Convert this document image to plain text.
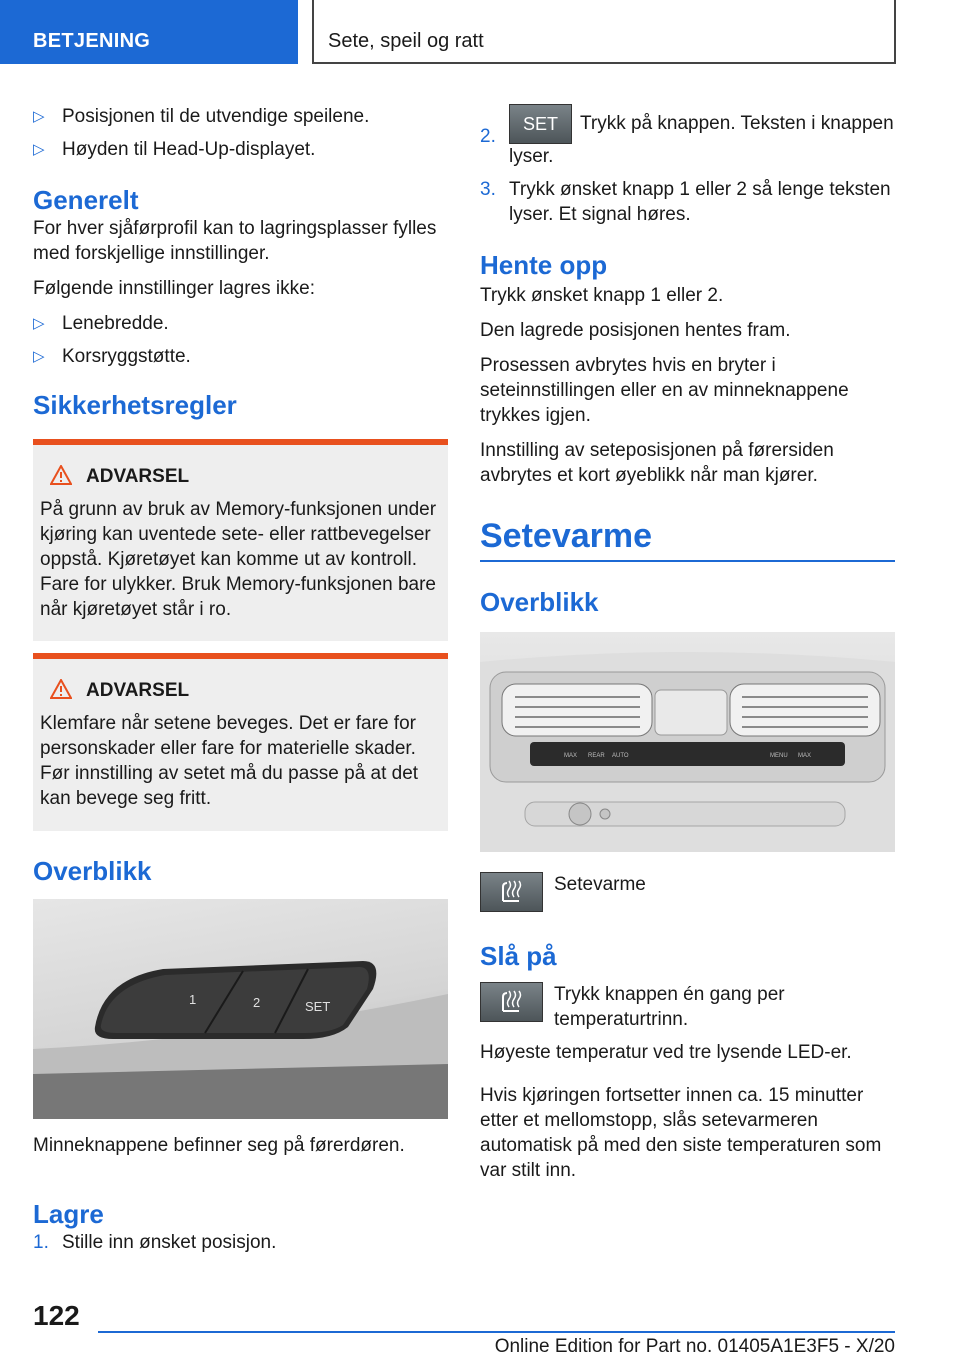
BETJENING	Sete, speil og ratt
▷ Posisjonen til de utvendige speilene.
▷ Høyden til Head-Up-displayet.
Generelt

For hver sjåførprofil kan to lagringsplasser fylles med forskjellige innstillinger.

Følgende innstillinger lagres ikke:

▷ Lenebredde.
▷ Korsryggstøtte.
Sikkerhetsregler
ADVARSEL

På grunn av bruk av Memory-funksjonen under kjøring kan uventede sete- eller rattbevegelser oppstå. Kjøretøyet kan komme ut av kontroll. Fare for ulykker. Bruk Memory-funksjonen bare når kjøretøyet står i ro.

ADVARSEL

Klemfare når setene beveges. Det er fare for personskader eller fare for materielle skader. Før innstilling av setet må du passe på at det kan bevege seg fritt.

Overblikk
1	2	SET

Minneknappene befinner seg på førerdøren.

Lagre
1. Stille inn ønsket posisjon.
2.
SET Trykk på knappen. Teksten i knappen lyser.
3. Trykk ønsket knapp 1 eller 2 så lenge teksten lyser. Et signal høres.
Hente opp

Trykk ønsket knapp 1 eller 2.

Den lagrede posisjonen hentes fram.

Prosessen avbrytes hvis en bryter i seteinnstillingen eller en av minneknappene trykkes igjen.

Innstilling av seteposisjonen på førersiden avbrytes et kort øyeblikk når man kjører.

Setevarme
Overblikk
MAX REAR AUTO	MENU MAX
Setevarme
Slå på
Trykk knappen én gang per temperaturtrinn.

Høyeste temperatur ved tre lysende LED-er.

Hvis kjøringen fortsetter innen ca. 15 minutter etter et mellomstopp, slås setevarmeren automatisk på med den siste temperaturen som var stilt inn.

122
Online Edition for Part no. 01405A1E3F5 - X/20
